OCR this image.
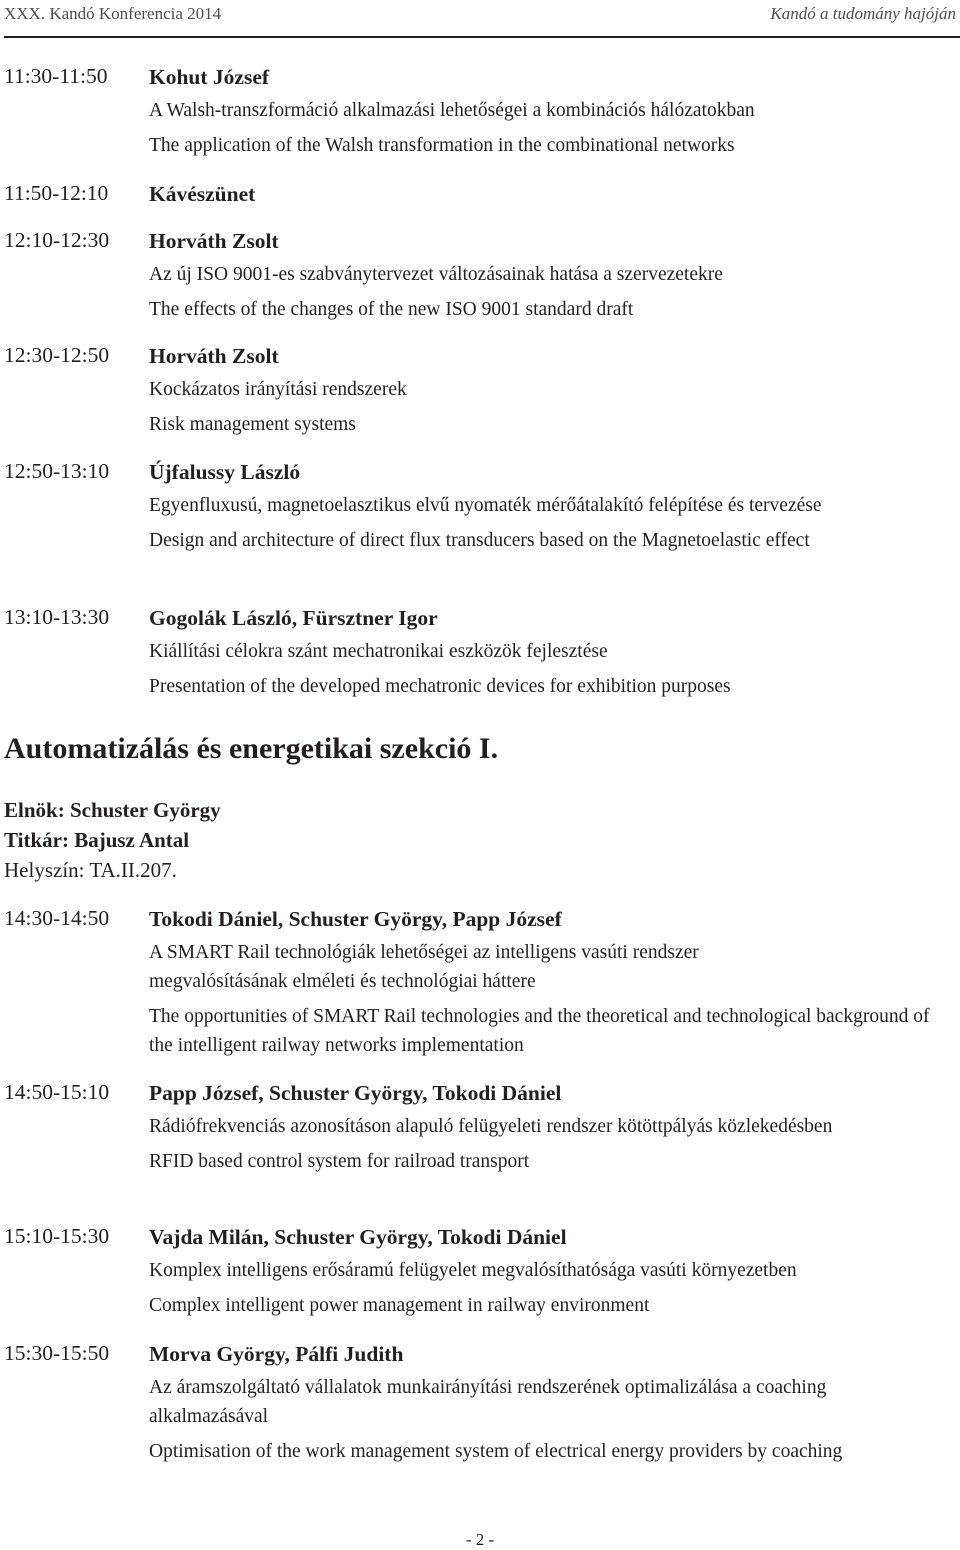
XXX. Kandó Konferencia 2014	Kandó a tudomány hajóján
11:30-11:50 Kohut József
A Walsh-transzformáció alkalmazási lehetőségei a kombinációs hálózatokban
The application of the Walsh transformation in the combinational networks
11:50-12:10 Kávészünet
12:10-12:30 Horváth Zsolt
Az új ISO 9001-es szabványtervezet változásainak hatása a szervezetekre
The effects of the changes of the new ISO 9001 standard draft
12:30-12:50 Horváth Zsolt
Kockázatos irányítási rendszerek
Risk management systems
12:50-13:10 Újfalussy László
Egyenfluxusú, magnetoelasztikus elvű nyomaték mérőátalakító felépítése és tervezése
Design and architecture of direct flux transducers based on the Magnetoelastic effect
13:10-13:30 Gogolák László, Fürsztner Igor
Kiállítási célokra szánt mechatronikai eszközök fejlesztése
Presentation of the developed mechatronic devices for exhibition purposes
Automatizálás és energetikai szekció I.
Elnök: Schuster György
Titkár: Bajusz Antal
Helyszín: TA.II.207.
14:30-14:50 Tokodi Dániel, Schuster György, Papp József
A SMART Rail technológiák lehetőségei az intelligens vasúti rendszer megvalósításának elméleti és technológiai háttere
The opportunities of SMART Rail technologies and the theoretical and technological background of the intelligent railway networks implementation
14:50-15:10 Papp József, Schuster György, Tokodi Dániel
Rádiófrekvenciás azonosításon alapuló felügyeleti rendszer kötöttpályás közlekedésben
RFID based control system for railroad transport
15:10-15:30 Vajda Milán, Schuster György, Tokodi Dániel
Komplex intelligens erősáramú felügyelet megvalósíthatósága vasúti környezetben
Complex intelligent power management in railway environment
15:30-15:50 Morva György, Pálfi Judith
Az áramszolgáltató vállalatok munkairányítási rendszerének optimalizálása a coaching alkalmazásával
Optimisation of the work management system of electrical energy providers by coaching
- 2 -
